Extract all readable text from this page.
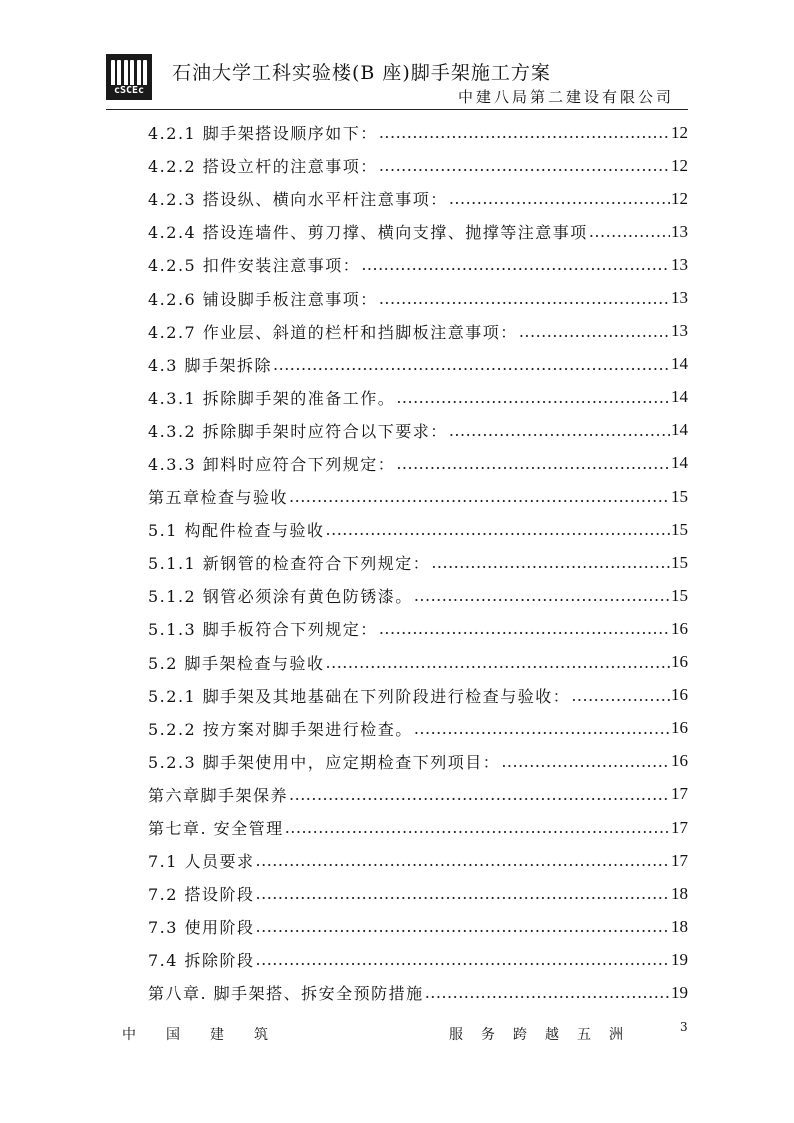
cSCEc
石油大学工科实验楼(B 座)脚手架施工方案
中建八局第二建设有限公司
4.2.1 脚手架搭设顺序如下： .....	12
4.2.2 搭设立杆的注意事项： .....	12
4.2.3 搭设纵、横向水平杆注意事项： .....	12
4.2.4 搭设连墙件、剪刀撑、横向支撑、抛撑等注意事项 .....	13
4.2.5 扣件安装注意事项： .....	13
4.2.6 铺设脚手板注意事项： .....	13
4.2.7 作业层、斜道的栏杆和挡脚板注意事项： .....	13
4.3 脚手架拆除 .....	14
4.3.1 拆除脚手架的准备工作。 .....	14
4.3.2 拆除脚手架时应符合以下要求： .....	14
4.3.3 卸料时应符合下列规定： .....	14
第五章检查与验收 .....	15
5.1 构配件检查与验收 .....	15
5.1.1 新钢管的检查符合下列规定： .....	15
5.1.2 钢管必须涂有黄色防锈漆。 .....	15
5.1.3 脚手板符合下列规定： .....	16
5.2 脚手架检查与验收 .....	16
5.2.1 脚手架及其地基础在下列阶段进行检查与验收： .....	16
5.2.2 按方案对脚手架进行检查。 .....	16
5.2.3 脚手架使用中，应定期检查下列项目： .....	16
第六章脚手架保养 .....	17
第七章. 安全管理 .....	17
7.1 人员要求 .....	17
7.2 搭设阶段 .....	18
7.3 使用阶段 .....	18
7.4 拆除阶段 .....	19
第八章. 脚手架搭、拆安全预防措施 .....	19
中国建筑	服务跨越五洲	3
